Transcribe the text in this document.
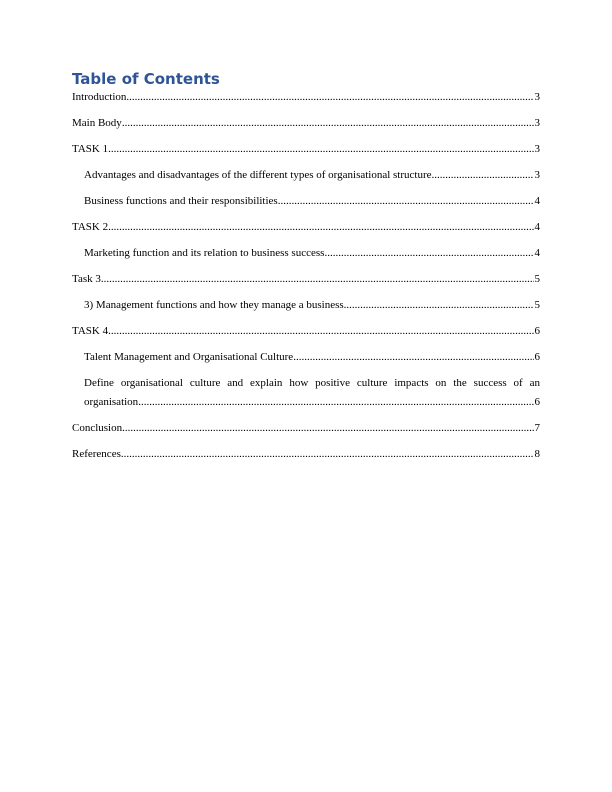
Table of Contents
Introduction .....	3
Main Body .....	3
TASK 1 .....	3
Advantages and disadvantages of the different types of organisational structure .....	3
Business functions and their responsibilities .....	4
TASK 2 .....	4
Marketing function and its relation to business success .....	4
Task 3 .....	5
3) Management functions and how they manage a business .....	5
TASK 4 .....	6
Talent Management and Organisational Culture .....	6
Define organisational culture and explain how positive culture impacts on the success of an
organisation .....	6
Conclusion .....	7
References .....	8
